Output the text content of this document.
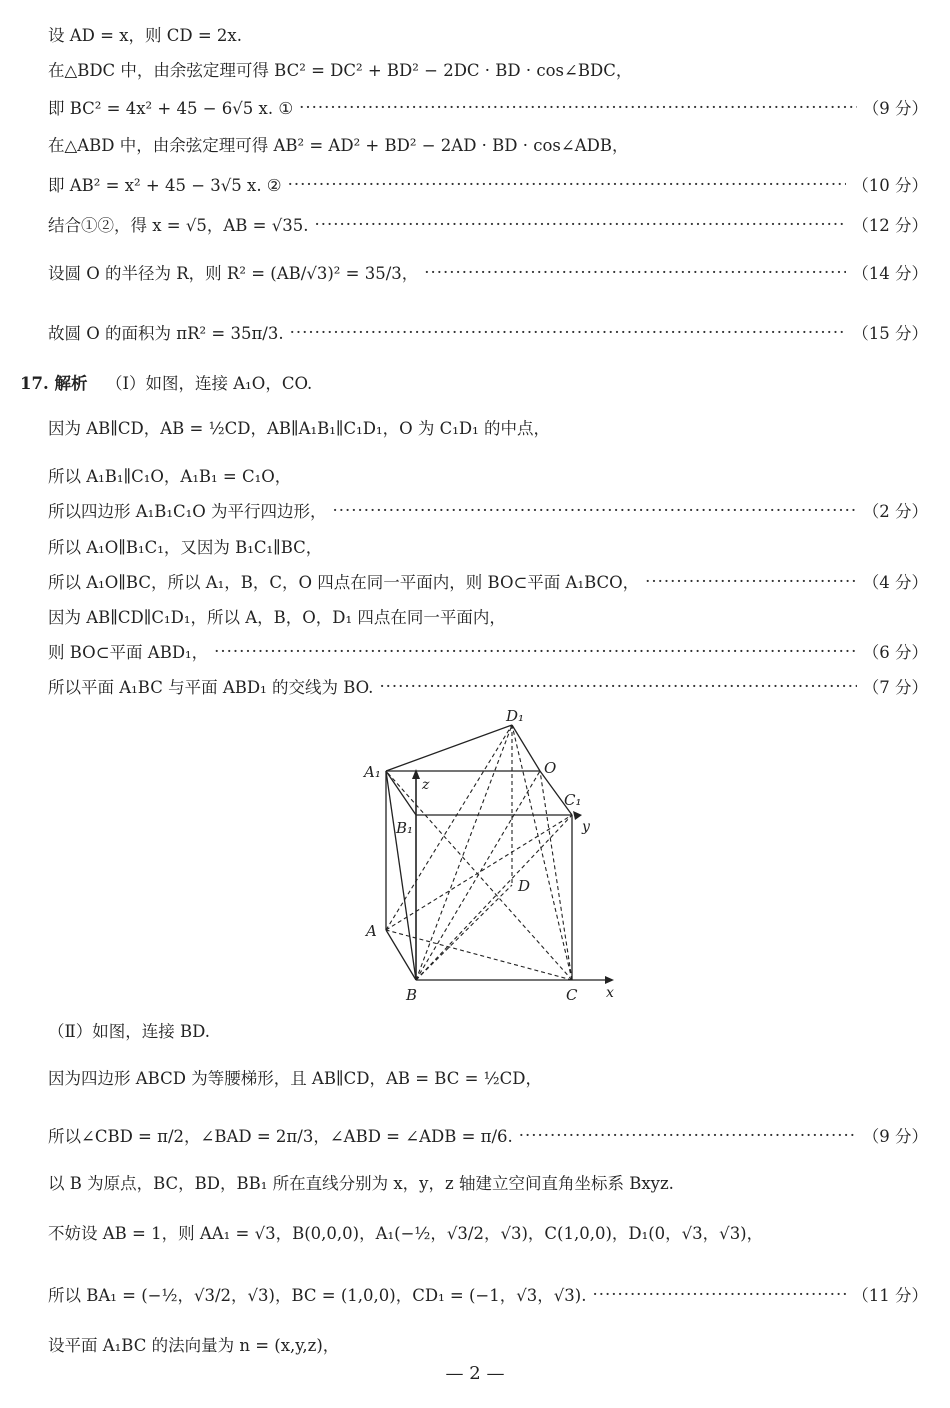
设 AD = x，则 CD = 2x.
在△BDC 中，由余弦定理可得 BC² = DC² + BD² − 2DC · BD · cos∠BDC，
即 BC² = 4x² + 45 − 6√5 x. ① ·····	（9 分）
在△ABD 中，由余弦定理可得 AB² = AD² + BD² − 2AD · BD · cos∠ADB，
即 AB² = x² + 45 − 3√5 x. ② ·····	（10 分）
结合①②，得 x = √5，AB = √35. ·····	（12 分）
设圆 O 的半径为 R，则 R² = (AB/√3)² = 35/3， ·····	（14 分）
故圆 O 的面积为 πR² = 35π/3. ·····	（15 分）
17. 解析 （Ⅰ）如图，连接 A₁O，CO.
因为 AB∥CD，AB = ½CD，AB∥A₁B₁∥C₁D₁，O 为 C₁D₁ 的中点，
所以 A₁B₁∥C₁O，A₁B₁ = C₁O，
所以四边形 A₁B₁C₁O 为平行四边形， ·····	（2 分）
所以 A₁O∥B₁C₁，又因为 B₁C₁∥BC，
所以 A₁O∥BC，所以 A₁，B，C，O 四点在同一平面内，则 BO⊂平面 A₁BCO， ·····	（4 分）
因为 AB∥CD∥C₁D₁，所以 A，B，O，D₁ 四点在同一平面内，
则 BO⊂平面 ABD₁， ·····	（6 分）
所以平面 A₁BC 与平面 ABD₁ 的交线为 BO. ·····	（7 分）
D₁
A₁	O
C₁
B₁
z
y
D
A
B	C x
（Ⅱ）如图，连接 BD.
因为四边形 ABCD 为等腰梯形，且 AB∥CD，AB = BC = ½CD，
所以∠CBD = π/2，∠BAD = 2π/3，∠ABD = ∠ADB = π/6. ·····	（9 分）
以 B 为原点，BC，BD，BB₁ 所在直线分别为 x，y，z 轴建立空间直角坐标系 Bxyz.
不妨设 AB = 1，则 AA₁ = √3，B(0,0,0)，A₁(−½，√3/2，√3)，C(1,0,0)，D₁(0，√3，√3)，
所以 BA₁ = (−½，√3/2，√3)，BC = (1,0,0)，CD₁ = (−1，√3，√3). ·····	（11 分）
设平面 A₁BC 的法向量为 n = (x,y,z)，
— 2 —
